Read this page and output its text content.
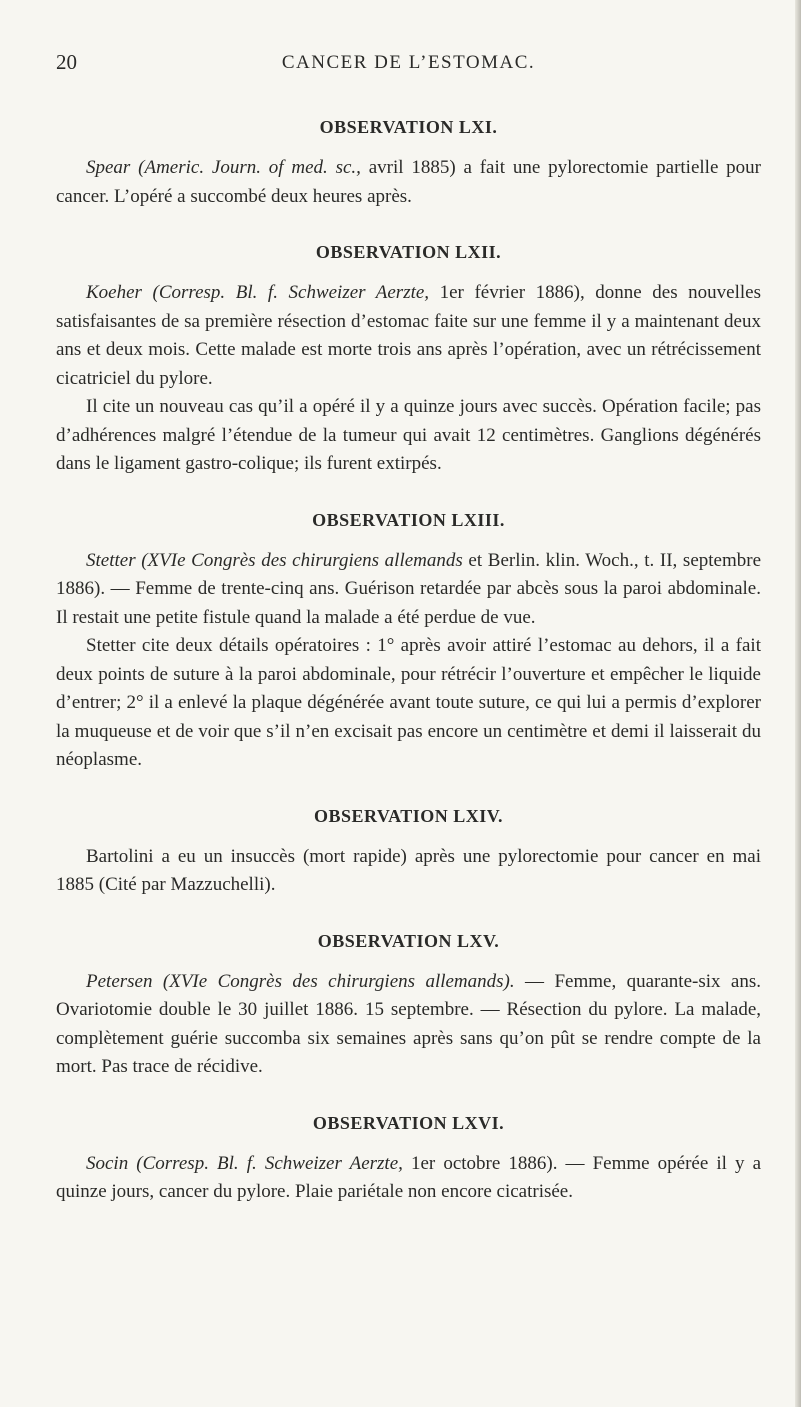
20	CANCER DE L’ESTOMAC.
OBSERVATION LXI.

Spear (Americ. Journ. of med. sc., avril 1885) a fait une pylorectomie partielle pour cancer. L’opéré a succombé deux heures après.

OBSERVATION LXII.

Koeher (Corresp. Bl. f. Schweizer Aerzte, 1er février 1886), donne des nouvelles satisfaisantes de sa première résection d’estomac faite sur une femme il y a maintenant deux ans et deux mois. Cette malade est morte trois ans après l’opération, avec un rétrécissement cicatriciel du pylore.

Il cite un nouveau cas qu’il a opéré il y a quinze jours avec succès. Opération facile; pas d’adhérences malgré l’étendue de la tumeur qui avait 12 centimètres. Ganglions dégénérés dans le ligament gastro-colique; ils furent extirpés.

OBSERVATION LXIII.

Stetter (XVIe Congrès des chirurgiens allemands et Berlin. klin. Woch., t. II, septembre 1886). — Femme de trente-cinq ans. Guérison retardée par abcès sous la paroi abdominale. Il restait une petite fistule quand la malade a été perdue de vue.

Stetter cite deux détails opératoires : 1° après avoir attiré l’estomac au dehors, il a fait deux points de suture à la paroi abdominale, pour rétrécir l’ouverture et empêcher le liquide d’entrer; 2° il a enlevé la plaque dégénérée avant toute suture, ce qui lui a permis d’explorer la muqueuse et de voir que s’il n’en excisait pas encore un centimètre et demi il laisserait du néoplasme.

OBSERVATION LXIV.

Bartolini a eu un insuccès (mort rapide) après une pylorectomie pour cancer en mai 1885 (Cité par Mazzuchelli).

OBSERVATION LXV.

Petersen (XVIe Congrès des chirurgiens allemands). — Femme, quarante-six ans. Ovariotomie double le 30 juillet 1886. 15 septembre. — Résection du pylore. La malade, complètement guérie succomba six semaines après sans qu’on pût se rendre compte de la mort. Pas trace de récidive.

OBSERVATION LXVI.

Socin (Corresp. Bl. f. Schweizer Aerzte, 1er octobre 1886). — Femme opérée il y a quinze jours, cancer du pylore. Plaie pariétale non encore cicatrisée.
